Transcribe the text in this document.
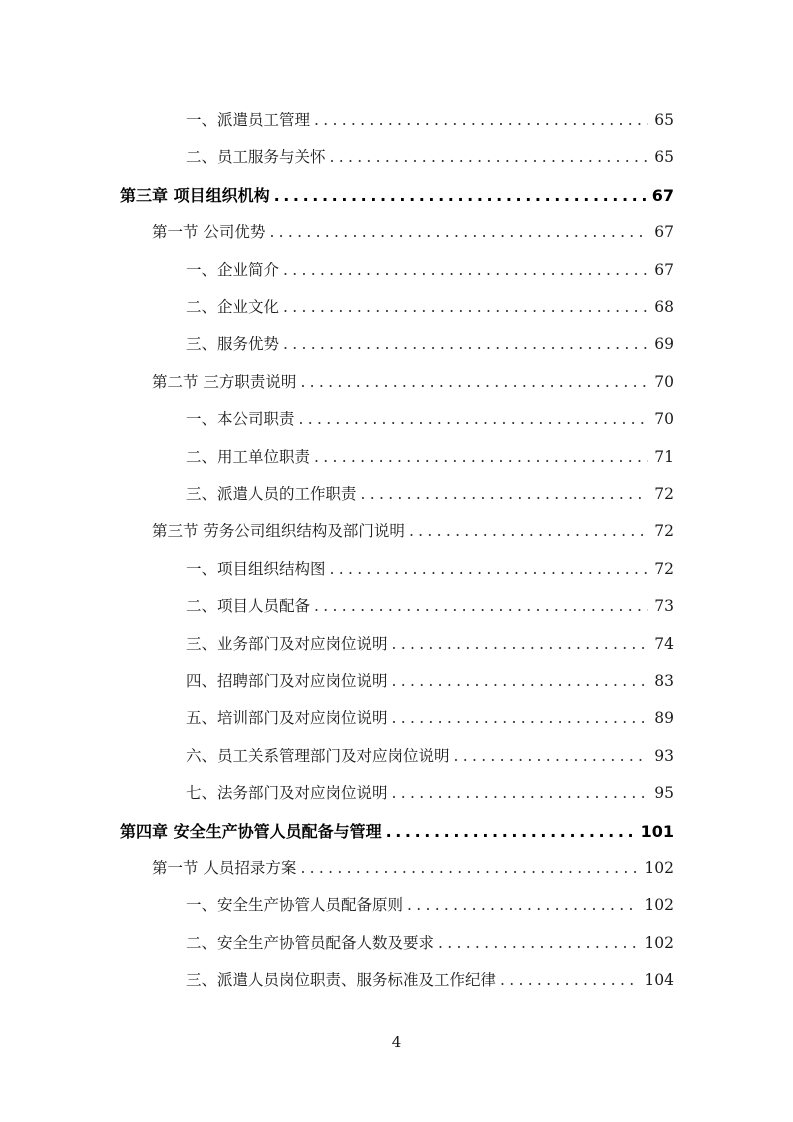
一、派遣员工管理 .....	65
二、员工服务与关怀 .....	65
第三章 项目组织机构 .....	67
第一节 公司优势 .....	67
一、企业简介 .....	67
二、企业文化 .....	68
三、服务优势 .....	69
第二节 三方职责说明 .....	70
一、本公司职责 .....	70
二、用工单位职责 .....	71
三、派遣人员的工作职责 .....	72
第三节 劳务公司组织结构及部门说明 .....	72
一、项目组织结构图 .....	72
二、项目人员配备 .....	73
三、业务部门及对应岗位说明 .....	74
四、招聘部门及对应岗位说明 .....	83
五、培训部门及对应岗位说明 .....	89
六、员工关系管理部门及对应岗位说明 .....	93
七、法务部门及对应岗位说明 .....	95
第四章 安全生产协管人员配备与管理 .....	101
第一节 人员招录方案 .....	102
一、安全生产协管人员配备原则 .....	102
二、安全生产协管员配备人数及要求 .....	102
三、派遣人员岗位职责、服务标准及工作纪律 .....	104
4
